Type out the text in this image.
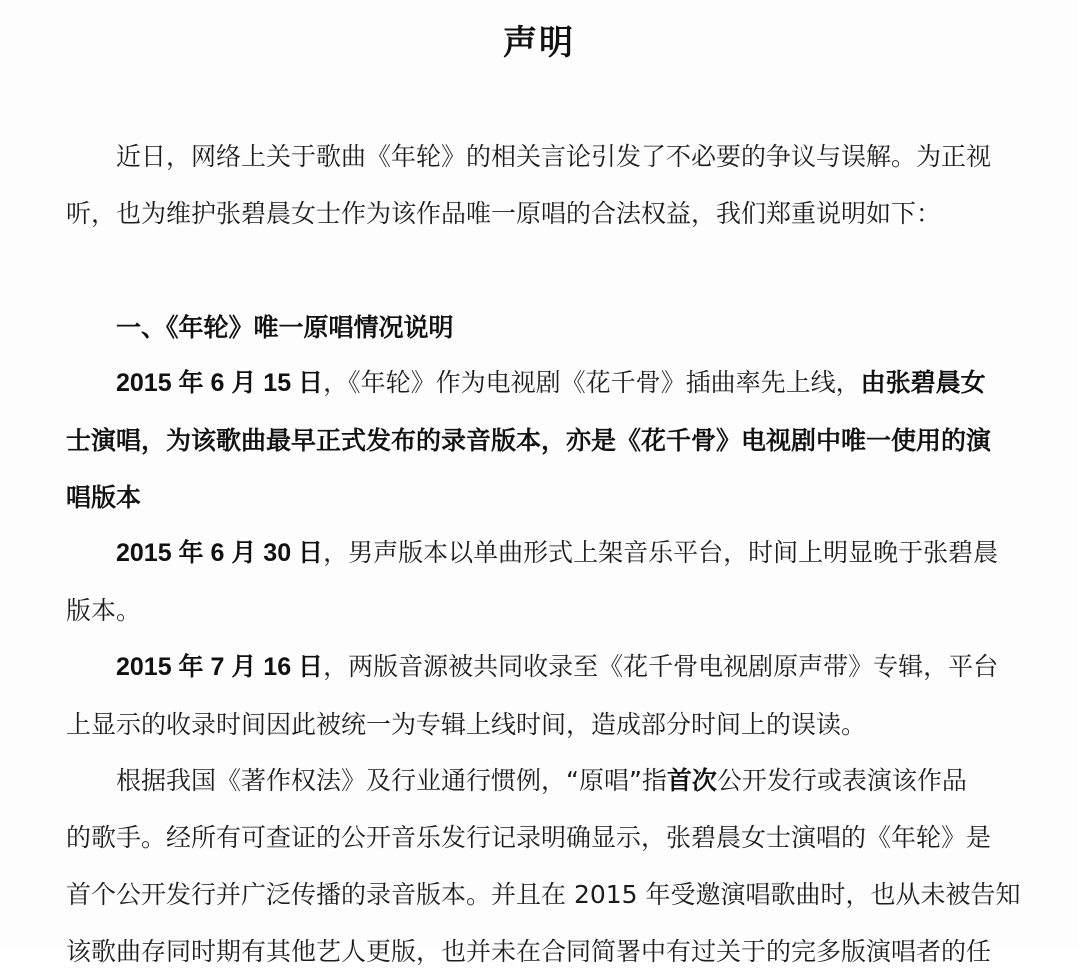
声明

近日，网络上关于歌曲《年轮》的相关言论引发了不必要的争议与误解。为正视
听，也为维护张碧晨女士作为该作品唯一原唱的合法权益，我们郑重说明如下：

一、《年轮》唯一原唱情况说明

2015 年 6 月 15 日，《年轮》作为电视剧《花千骨》插曲率先上线，由张碧晨女
士演唱，为该歌曲最早正式发布的录音版本，亦是《花千骨》电视剧中唯一使用的演
唱版本

2015 年 6 月 30 日，男声版本以单曲形式上架音乐平台，时间上明显晚于张碧晨
版本。

2015 年 7 月 16 日，两版音源被共同收录至《花千骨电视剧原声带》专辑，平台
上显示的收录时间因此被统一为专辑上线时间，造成部分时间上的误读。

根据我国《著作权法》及行业通行惯例，“原唱”指首次公开发行或表演该作品
的歌手。经所有可查证的公开音乐发行记录明确显示，张碧晨女士演唱的《年轮》是
首个公开发行并广泛传播的录音版本。并且在 2015 年受邀演唱歌曲时，也从未被告知
该歌曲存同时期有其他艺人更版，也并未在合同简署中有过关于的完多版演唱者的任
